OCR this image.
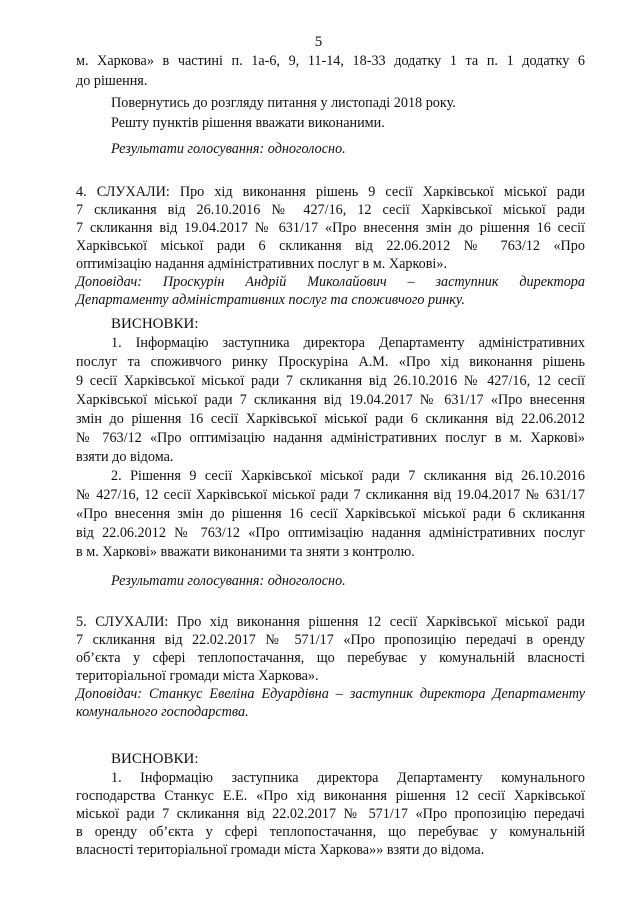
5
м. Харкова» в частині п. 1а-6, 9, 11-14, 18-33 додатку 1 та п. 1 додатку 6
до рішення.
Повернутись до розгляду питання у листопаді 2018 року.
Решту пунктів рішення вважати виконаними.
Результати голосування: одноголосно.
4. СЛУХАЛИ: Про хід виконання рішень 9 сесії Харківської міської ради
7 скликання від 26.10.2016 № 427/16, 12 сесії Харківської міської ради
7 скликання від 19.04.2017 № 631/17 «Про внесення змін до рішення 16 сесії
Харківської міської ради 6 скликання від 22.06.2012 № 763/12 «Про
оптимізацію надання адміністративних послуг в м. Харкові».
Доповідач: Проскурін Андрій Миколайович – заступник директора
Департаменту адміністративних послуг та споживчого ринку.
ВИСНОВКИ:
1. Інформацію заступника директора Департаменту адміністративних
послуг та споживчого ринку Проскуріна А.М. «Про хід виконання рішень
9 сесії Харківської міської ради 7 скликання від 26.10.2016 № 427/16, 12 сесії
Харківської міської ради 7 скликання від 19.04.2017 № 631/17 «Про внесення
змін до рішення 16 сесії Харківської міської ради 6 скликання від 22.06.2012
№ 763/12 «Про оптимізацію надання адміністративних послуг в м. Харкові»
взяти до відома.
2. Рішення 9 сесії Харківської міської ради 7 скликання від 26.10.2016
№ 427/16, 12 сесії Харківської міської ради 7 скликання від 19.04.2017 № 631/17
«Про внесення змін до рішення 16 сесії Харківської міської ради 6 скликання
від 22.06.2012 № 763/12 «Про оптимізацію надання адміністративних послуг
в м. Харкові» вважати виконаними та зняти з контролю.
Результати голосування: одноголосно.
5. СЛУХАЛИ: Про хід виконання рішення 12 сесії Харківської міської ради
7 скликання від 22.02.2017 № 571/17 «Про пропозицію передачі в оренду
об’єкта у сфері теплопостачання, що перебуває у комунальній власності
територіальної громади міста Харкова».
Доповідач: Станкус Евеліна Едуардівна – заступник директора Департаменту
комунального господарства.
ВИСНОВКИ:
1. Інформацію заступника директора Департаменту комунального
господарства Станкус Е.Е. «Про хід виконання рішення 12 сесії Харківської
міської ради 7 скликання від 22.02.2017 № 571/17 «Про пропозицію передачі
в оренду об’єкта у сфері теплопостачання, що перебуває у комунальній
власності територіальної громади міста Харкова»» взяти до відома.
